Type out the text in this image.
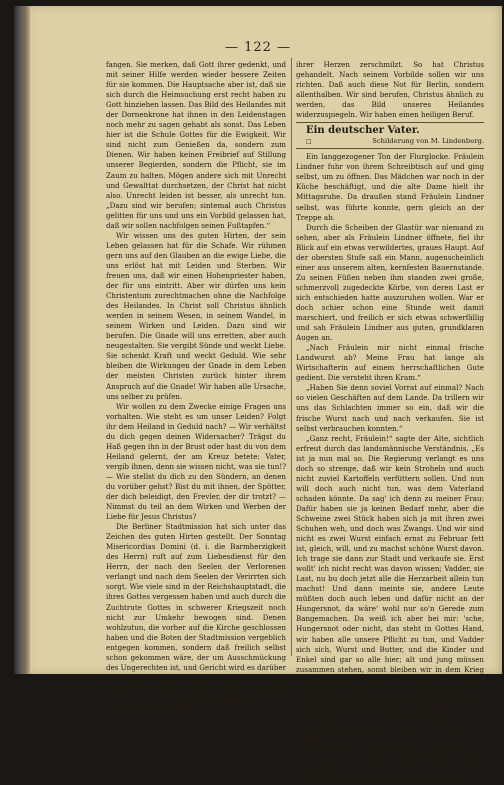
— 122 —

fangen. Sie merken, daß Gott ihrer gedenkt, und mit seiner Hilfe werden wieder bessere Zeiten für sie kommen. Die Hauptsache aber ist, daß sie sich durch die Heimsuchung erst recht haben zu Gott hinziehen lassen. Das Bild des Heilandes mit der Dornenkrone hat ihnen in den Leidenstagen noch mehr zu sagen gehabt als sonst. Das Leben hier ist die Schule Gottes für die Ewigkeit. Wir sind nicht zum Genießen da, sondern zum Dienen. Wir haben keinen Freibrief auf Stillung unserer Begierden, sondern die Pflicht, sie im Zaum zu halten. Mögen andere sich mit Unrecht und Gewalttat durchsetzen, der Christ hat nicht also. Unrecht leiden ist besser, als unrecht tun. „Dazu sind wir berufen; sintemal auch Christus gelitten für uns und uns ein Vorbild gelassen hat, daß wir sollen nachfolgen seinen Fußtapfen.“

Wir wissen uns des guten Hirten, der sein Leben gelassen hat für die Schafe. Wir rühmen gern uns auf den Glauben an die ewige Liebe, die uns erlöst hat mit Leiden und Sterben. Wir freuen uns, daß wir einen Hohenpriester haben, der für uns eintritt. Aber wir dürfen uns kein Christentum zurechtmachen ohne die Nachfolge des Heilandes. In Christ soll Christus ähnlich werden in seinem Wesen, in seinem Wandel, in seinem Wirken und Leiden. Dazu sind wir berufen. Die Gnade will uns erretten, aber auch neugestalten. Sie vergibt Sünde und weckt Liebe. Sie schenkt Kraft und weckt Geduld. Wie sehr bleiben die Wirkungen der Gnade in dem Leben der meisten Christen zurück hinter ihrem Anspruch auf die Gnade! Wir haben alle Ursache, uns selber zu prüfen.

Wir wollen zu dem Zwecke einige Fragen uns vorhalten. Wie steht es um unser Leiden? Folgt ihr dem Heiland in Geduld nach? — Wir verhältst du dich gegen deinen Widersacher? Trägst du Haß gegen ihn in der Brust oder hast du von dem Heiland gelernt, der am Kreuz betete: Vater, vergib ihnen, denn sie wissen nicht, was sie tun!? — Wie stellst du dich zu den Sündern, an denen du vorüber gehst? Bist du mit ihnen, der Spötter, der dich beleidigt, den Frevler, der dir trotzt? — Nimmst du teil an dem Wirken und Werben der Liebe für Jesus Christus?

Die Berliner Stadtmission hat sich unter das Zeichen des guten Hirten gestellt. Der Sonntag Misericordias Domini (d. i. die Barmherzigkeit des Herrn) ruft auf zum Liebesdienst für den Herrn, der nach den Seelen der Verlorenen verlangt und nach dem Seelen der Verirrten sich sorgt. Wie viele sind in der Reichshauptstadt, die ihres Gottes vergessen haben und auch durch die Zuchtrute Gottes in schwerer Kriegszeit noch nicht zur Umkehr bewogen sind. Denen wohlzutun, die vorher auf die Kirche geschlossen haben und die Boten der Stadtmission vergeblich entgegen kommen, sondern daß freilich selbst schon gekommen wäre, der um Ausschmückung des Ungerechten ist, und Gericht wird es darüber geben. Es ist zum Zweck soll das geschehen, daß sie ungehört weiter genießen können, sondern daß freunde Kosten auf ihr Haupt gesammelt werden und die Eisesrinde

ihrer Herzen zerschmilzt. So hat Christus gehandelt. Nach seinem Vorbilde sollen wir uns richten. Daß auch diese Not für Berlin, sondern allenthalben. Wir sind berufen, Christus ähnlich zu werden, das Bild unseres Heilandes widerzuspiegeln. Wir haben einen heiligen Beruf.

Ein deutscher Vater.

□	Schilderung von M. Lindenberg.

Ein langgezogener Ton der Flurglocke. Fräulein Lindner fuhr von ihrem Schreibtisch auf und ging selbst, um zu öffnen. Das Mädchen war noch in der Küche beschäftigt, und die alte Dame hielt ihr Mittagsruhe. Da draußen stand Fräulein Lindner selbst, was führte konnte, gern gleich an der Treppe ab.

Durch die Scheiben der Glastür war niemand zu sehen, aber als Fräulein Lindner öffnete, fiel ihr Blick auf ein etwas verwildertes, graues Haupt. Auf der obersten Stufe saß ein Mann, augenscheinlich einer aus unserem alten, kernfesten Bauernstande. Zu seinen Füßen neben ihm standen zwei große, schmerzvoll zugedeckte Körbe, von deren Last er sich entschieden hatte auszuruhen wollen. War er doch schier schon eine Stunde weit damit marschiert, und freilich er sich etwas schwerfällig und sah Fräulein Lindner aus guten, grundklaren Augen an.

„Nach Fräulein mir nicht einmal frische Landwurst ab? Meine Frau hat lange als Wirtschafterin auf einem herrschaftlichen Gute gedient. Die versteht ihren Kram.“

„Haben Sie denn soviel Vorrat auf einmal? Nach so vielen Geschäften auf dem Lande. Da trillern wir uns das Schlachten immer so ein, daß wir die frische Wurst nach und nach verkaufen. Sie ist selbst verbrauchen konnten.“

„Ganz recht, Fräulein!“ sagte der Alte, sichtlich erfreut durch das landsmännische Verständnis. „Es ist ja nun mal so. Die Regierung verlangt es uns doch so strenge, daß wir kein Stroheln und auch nicht zuviel Kartoffeln verfüttern sollen. Und nun will doch auch nicht tun, was dem Vaterland schaden könnte. Da sag' ich denn zu meiner Frau: Dafür haben sie ja keinen Bedarf mehr, aber die Schweine zwei Stück haben sich ja mit ihren zwei Schuhen weh, und doch was Zwangs. Und wir sind nicht es zwei Wurst einfach ernst zu Februar fett ist, gleich, will, und zu machst schöne Wurst davon. Ich trage sie dann zur Stadt und verkaufe sie. Erst wollt' ich nicht recht was davon wissen; Vadder, sie Last, nu bu doch jetzt alle die Herzarbeit allein tun machst! Und dann meinte sie, andere Leute müßten doch auch leben und dafür nicht an der Hungersnot, da wäre‘ wohl nur so'n Gerede zum Bangemachen. Da weiß ich aber bei mir: 'sche, Hungersnot oder nicht, das steht in Gottes Hand, wir haben alle unsere Pflicht zu tun, und Vadder sich sich, Wurst und Butter, und die Kinder und Enkel sind gar so alle hier; alt und jung müssen zusammen stehen, sonst bleiben wir in dem Krieg schließlich nicht. Und so trag' ich nun meine Wurst und auch meine Butter, die ich kaum entbehren kann. Und ihnen ehrlich, daß es mich, Herr Pastor, ob ich, da jetzt, wie bis Wurst, kann damit Pantuan! Ich trag' so nicht; Gott der Herr meint ja uns doch nicht, mit dem wir in der Sonne des Lebens ertragen.

Da wurde ihr ganz still und freundlich und sagte nur: Laß gut sein, Vadder, soll's doch eben mal so schön, wie ich je irgend machen kann. — Will Fräulein nun nicht mal eine Probe versuchen?“
